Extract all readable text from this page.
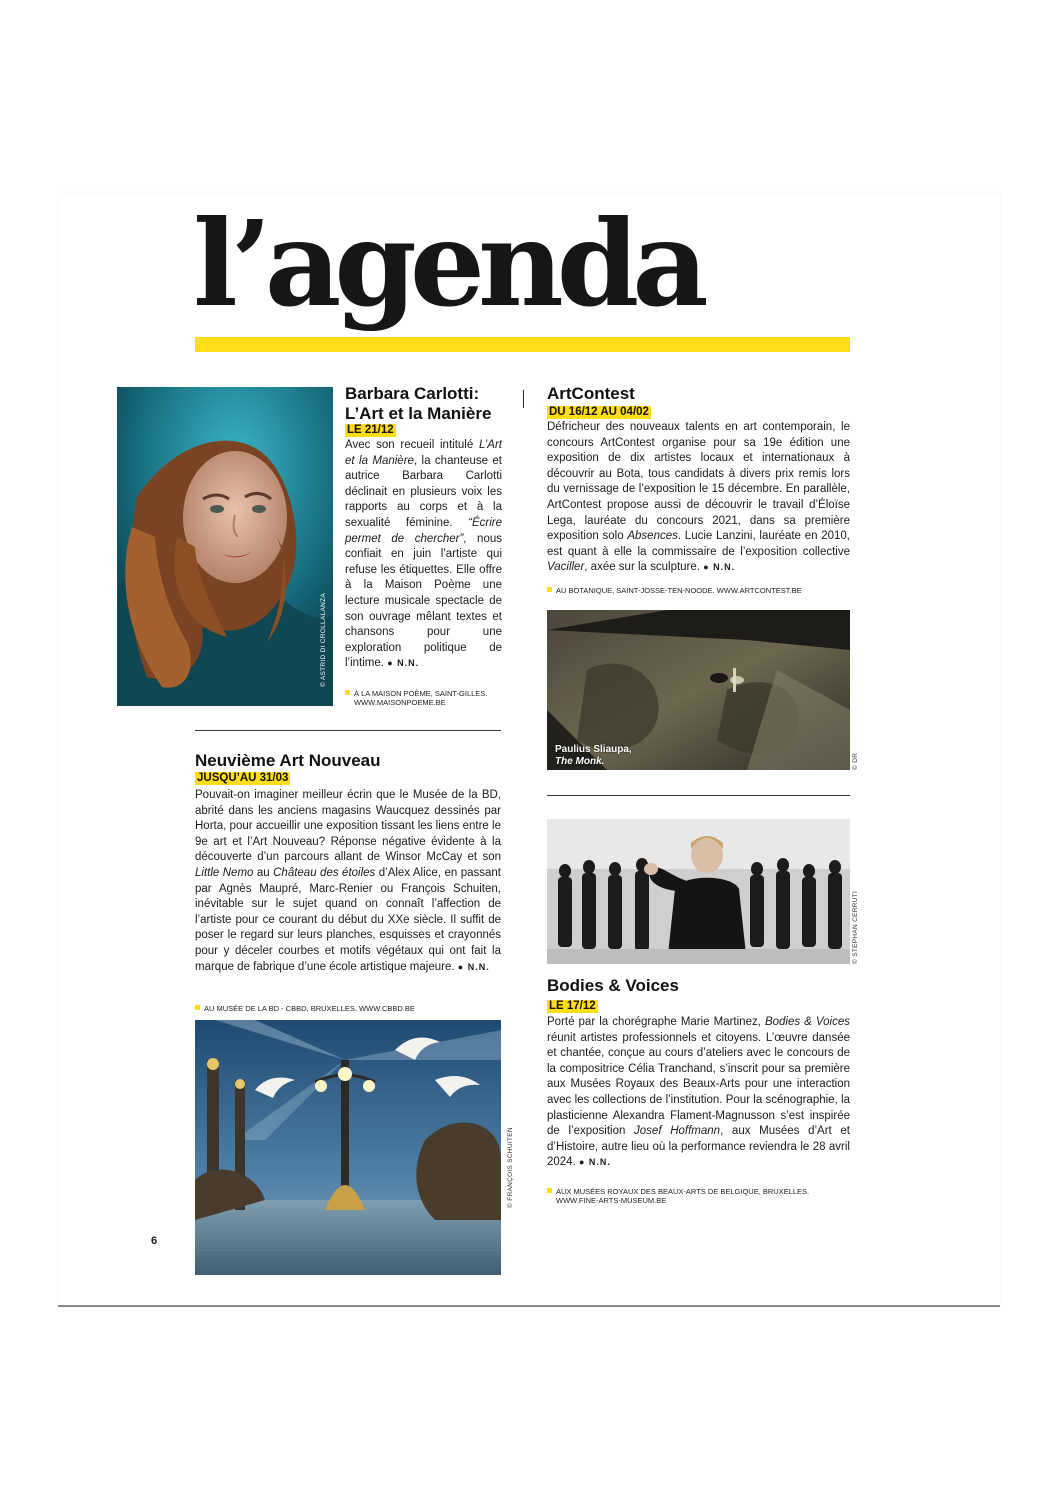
l’agenda
© ASTRID DI CROLLALANZA
Barbara Carlotti:
L’Art et la Manière
LE 21/12

Avec son recueil intitulé L’Art et la Manière, la chanteuse et autrice Barbara Carlotti déclinait en plusieurs voix les rapports au corps et à la sexualité féminine. “Écrire permet de chercher”, nous confiait en juin l’artiste qui refuse les étiquettes. Elle offre à la Maison Poème une lecture musicale spectacle de son ouvrage mêlant textes et chansons pour une exploration politique de l’intime. ● N.N.

À LA MAISON POÈME, SAINT-GILLES.
WWW.MAISONPOEME.BE
ArtContest
DU 16/12 AU 04/02

Défricheur des nouveaux talents en art contemporain, le concours ArtContest organise pour sa 19e édition une exposition de dix artistes locaux et internationaux à découvrir au Bota, tous candidats à divers prix remis lors du vernissage de l’exposition le 15 décembre. En parallèle, ArtContest propose aussi de découvrir le travail d’Éloïse Lega, lauréate du concours 2021, dans sa première exposition solo Absences. Lucie Lanzini, lauréate en 2010, est quant à elle la commissaire de l’exposition collective Vaciller, axée sur la sculpture. ● N.N.

AU BOTANIQUE, SAINT-JOSSE-TEN-NOODE. WWW.ARTCONTEST.BE
Paulius Sliaupa,
The Monk.	© DR
Neuvième Art Nouveau
JUSQU’AU 31/03

Pouvait-on imaginer meilleur écrin que le Musée de la BD, abrité dans les anciens magasins Waucquez dessinés par Horta, pour accueillir une exposition tissant les liens entre le 9e art et l’Art Nouveau? Réponse négative évidente à la découverte d’un parcours allant de Winsor McCay et son Little Nemo au Château des étoiles d’Alex Alice, en passant par Agnès Maupré, Marc-Renier ou François Schuiten, inévitable sur le sujet quand on connaît l’affection de l’artiste pour ce courant du début du XXe siècle. Il suffit de poser le regard sur leurs planches, esquisses et crayonnés pour y déceler courbes et motifs végétaux qui ont fait la marque de fabrique d’une école artistique majeure. ● N.N.

AU MUSÉE DE LA BD - CBBD, BRUXELLES. WWW.CBBD.BE
© FRANÇOIS SCHUITEN
© STEPHAN CERRUTI
Bodies & Voices
LE 17/12

Porté par la chorégraphe Marie Martinez, Bodies & Voices réunit artistes professionnels et citoyens. L’œuvre dansée et chantée, conçue au cours d’ateliers avec le concours de la compositrice Célia Tranchand, s’inscrit pour sa première aux Musées Royaux des Beaux-Arts pour une interaction avec les collections de l’institution. Pour la scénographie, la plasticienne Alexandra Flament-Magnusson s’est inspirée de l’exposition Josef Hoffmann, aux Musées d’Art et d’Histoire, autre lieu où la performance reviendra le 28 avril 2024. ● N.N.

AUX MUSÉES ROYAUX DES BEAUX-ARTS DE BELGIQUE, BRUXELLES.
WWW.FINE-ARTS-MUSEUM.BE
6
